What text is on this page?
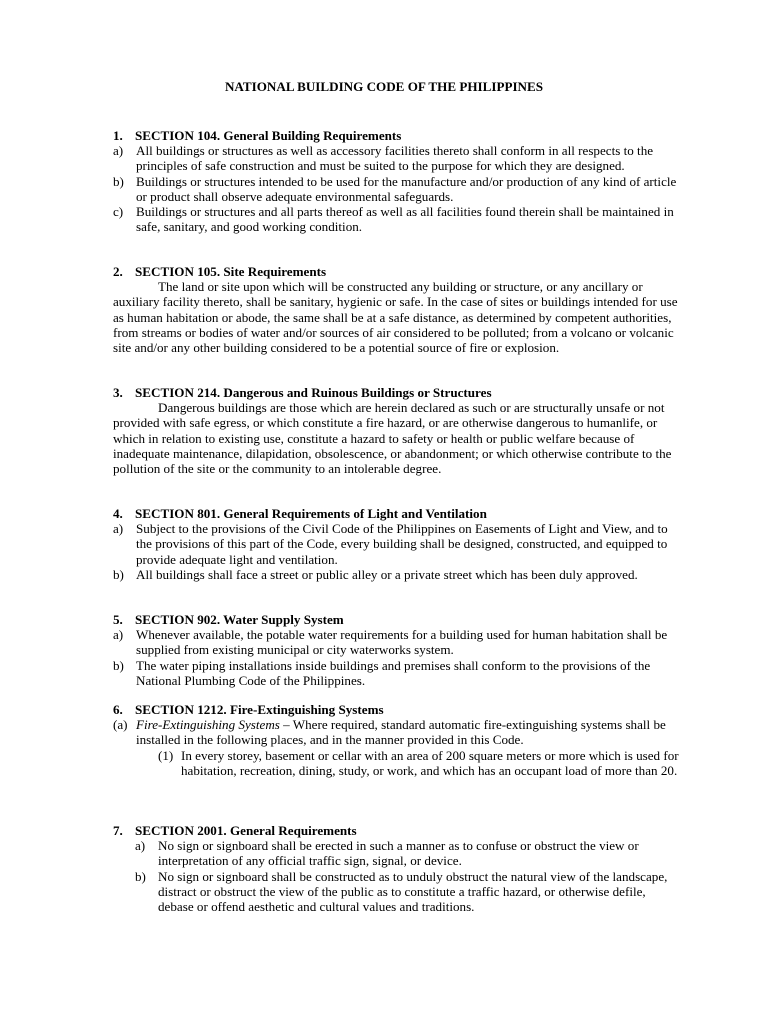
NATIONAL BUILDING CODE OF THE PHILIPPINES
1. SECTION 104. General Building Requirements
a) All buildings or structures as well as accessory facilities thereto shall conform in all respects to the principles of safe construction and must be suited to the purpose for which they are designed.
b) Buildings or structures intended to be used for the manufacture and/or production of any kind of article or product shall observe adequate environmental safeguards.
c) Buildings or structures and all parts thereof as well as all facilities found therein shall be maintained in safe, sanitary, and good working condition.
2. SECTION 105. Site Requirements
The land or site upon which will be constructed any building or structure, or any ancillary or auxiliary facility thereto, shall be sanitary, hygienic or safe. In the case of sites or buildings intended for use as human habitation or abode, the same shall be at a safe distance, as determined by competent authorities, from streams or bodies of water and/or sources of air considered to be polluted; from a volcano or volcanic site and/or any other building considered to be a potential source of fire or explosion.
3. SECTION 214. Dangerous and Ruinous Buildings or Structures
Dangerous buildings are those which are herein declared as such or are structurally unsafe or not provided with safe egress, or which constitute a fire hazard, or are otherwise dangerous to humanlife, or which in relation to existing use, constitute a hazard to safety or health or public welfare because of inadequate maintenance, dilapidation, obsolescence, or abandonment; or which otherwise contribute to the pollution of the site or the community to an intolerable degree.
4. SECTION 801. General Requirements of Light and Ventilation
a) Subject to the provisions of the Civil Code of the Philippines on Easements of Light and View, and to the provisions of this part of the Code, every building shall be designed, constructed, and equipped to provide adequate light and ventilation.
b) All buildings shall face a street or public alley or a private street which has been duly approved.
5. SECTION 902. Water Supply System
a) Whenever available, the potable water requirements for a building used for human habitation shall be supplied from existing municipal or city waterworks system.
b) The water piping installations inside buildings and premises shall conform to the provisions of the National Plumbing Code of the Philippines.
6. SECTION 1212. Fire-Extinguishing Systems
(a) Fire-Extinguishing Systems – Where required, standard automatic fire-extinguishing systems shall be installed in the following places, and in the manner provided in this Code.
(1) In every storey, basement or cellar with an area of 200 square meters or more which is used for habitation, recreation, dining, study, or work, and which has an occupant load of more than 20.
7. SECTION 2001. General Requirements
a) No sign or signboard shall be erected in such a manner as to confuse or obstruct the view or interpretation of any official traffic sign, signal, or device.
b) No sign or signboard shall be constructed as to unduly obstruct the natural view of the landscape, distract or obstruct the view of the public as to constitute a traffic hazard, or otherwise defile, debase or offend aesthetic and cultural values and traditions.
